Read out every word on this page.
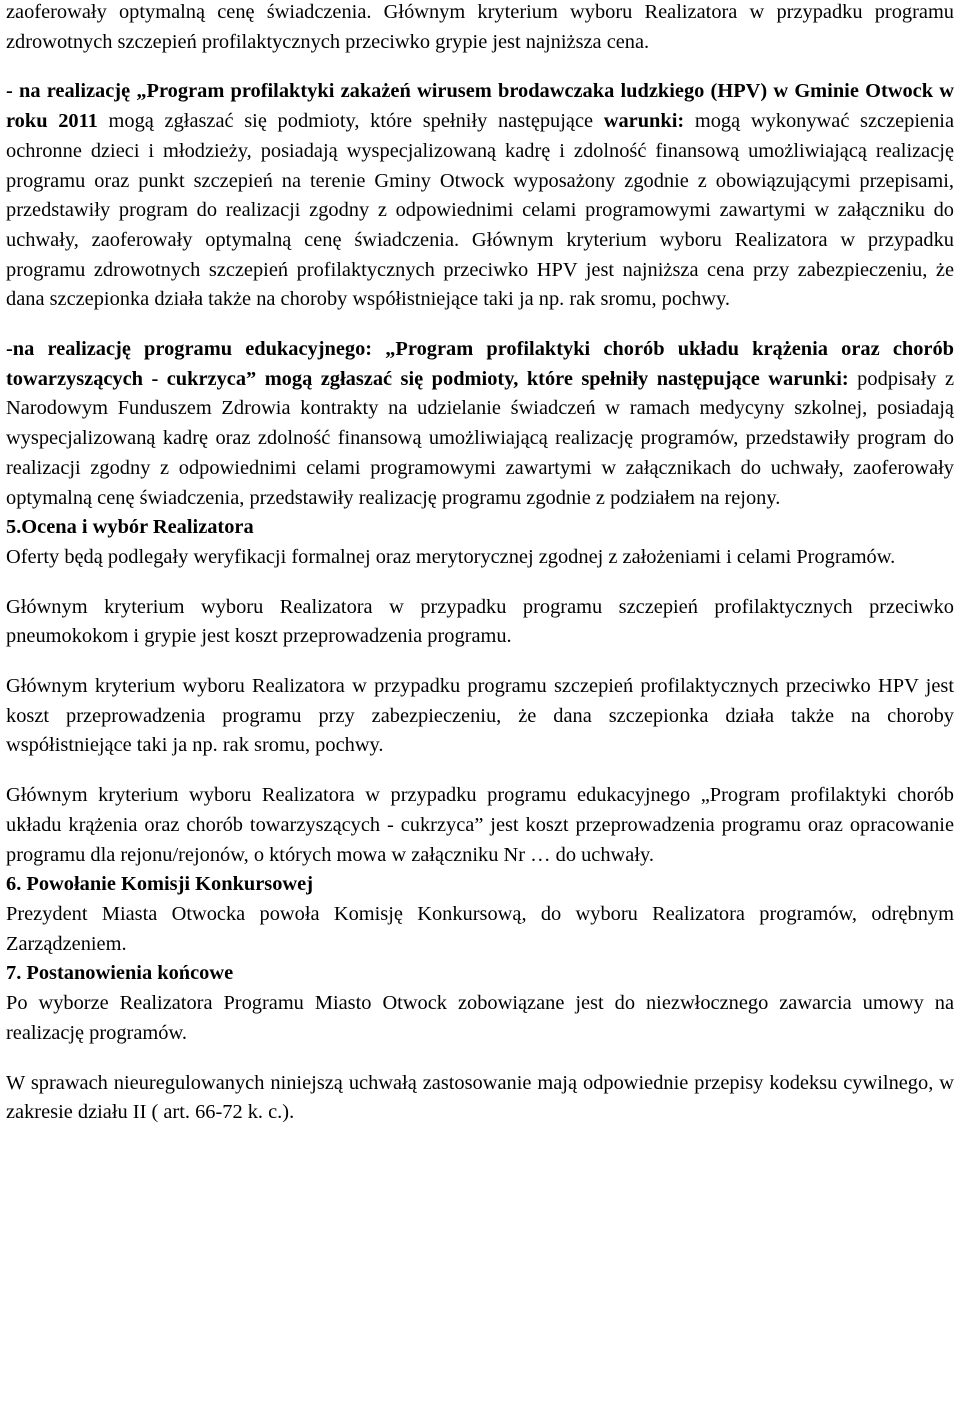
zaoferowały optymalną cenę świadczenia. Głównym kryterium wyboru Realizatora w przypadku programu zdrowotnych szczepień profilaktycznych przeciwko grypie jest najniższa cena.

- na realizację „Program profilaktyki zakażeń wirusem brodawczaka ludzkiego (HPV) w Gminie Otwock w roku 2011 mogą zgłaszać się podmioty, które spełniły następujące warunki: mogą wykonywać szczepienia ochronne dzieci i młodzieży, posiadają wyspecjalizowaną kadrę i zdolność finansową umożliwiającą realizację programu oraz punkt szczepień na terenie Gminy Otwock wyposażony zgodnie z obowiązującymi przepisami, przedstawiły program do realizacji zgodny z odpowiednimi celami programowymi zawartymi w załączniku do uchwały, zaoferowały optymalną cenę świadczenia. Głównym kryterium wyboru Realizatora w przypadku programu zdrowotnych szczepień profilaktycznych przeciwko HPV jest najniższa cena przy zabezpieczeniu, że dana szczepionka działa także na choroby współistniejące taki ja np. rak sromu, pochwy.

-na realizację programu edukacyjnego: „Program profilaktyki chorób układu krążenia oraz chorób towarzyszących - cukrzyca” mogą zgłaszać się podmioty, które spełniły następujące warunki: podpisały z Narodowym Funduszem Zdrowia kontrakty na udzielanie świadczeń w ramach medycyny szkolnej, posiadają wyspecjalizowaną kadrę oraz zdolność finansową umożliwiającą realizację programów, przedstawiły program do realizacji zgodny z odpowiednimi celami programowymi zawartymi w załącznikach do uchwały, zaoferowały optymalną cenę świadczenia, przedstawiły realizację programu zgodnie z podziałem na rejony.

5.Ocena i wybór Realizatora

Oferty będą podlegały weryfikacji formalnej oraz merytorycznej zgodnej z założeniami i celami Programów.

Głównym kryterium wyboru Realizatora w przypadku programu szczepień profilaktycznych przeciwko pneumokokom i grypie jest koszt przeprowadzenia programu.

Głównym kryterium wyboru Realizatora w przypadku programu szczepień profilaktycznych przeciwko HPV jest koszt przeprowadzenia programu przy zabezpieczeniu, że dana szczepionka działa także na choroby współistniejące taki ja np. rak sromu, pochwy.

Głównym kryterium wyboru Realizatora w przypadku programu edukacyjnego „Program profilaktyki chorób układu krążenia oraz chorób towarzyszących - cukrzyca” jest koszt przeprowadzenia programu oraz opracowanie programu dla rejonu/rejonów, o których mowa w załączniku Nr … do uchwały.

6. Powołanie Komisji Konkursowej

Prezydent Miasta Otwocka powoła Komisję Konkursową, do wyboru Realizatora programów, odrębnym Zarządzeniem.

7. Postanowienia końcowe

Po wyborze Realizatora Programu Miasto Otwock zobowiązane jest do niezwłocznego zawarcia umowy na realizację programów.

W sprawach nieuregulowanych niniejszą uchwałą zastosowanie mają odpowiednie przepisy kodeksu cywilnego, w zakresie działu II ( art. 66-72 k. c.).
